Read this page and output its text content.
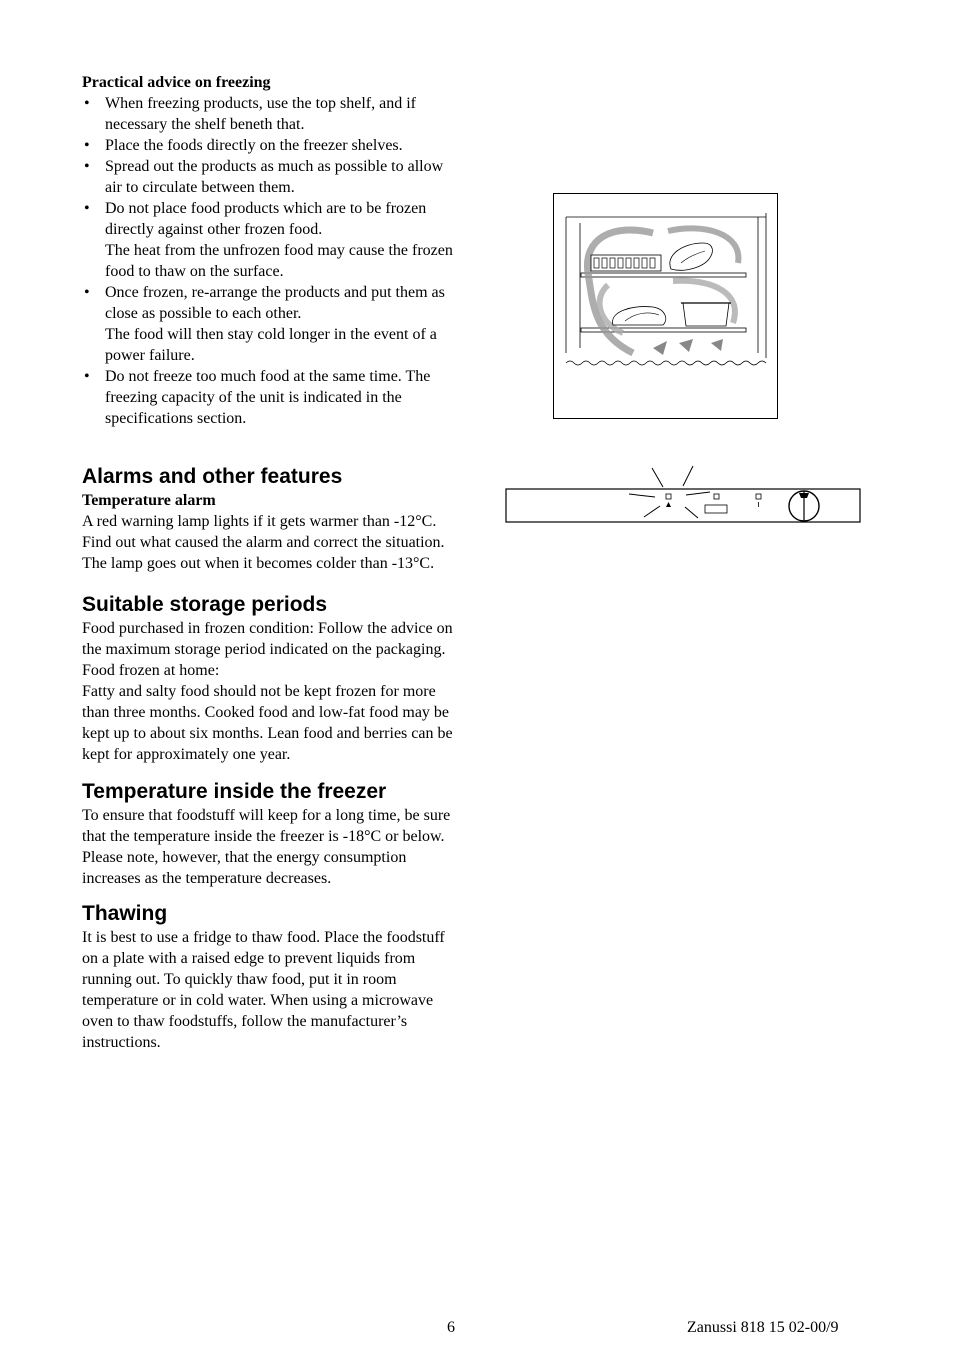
Practical advice on freezing
• When freezing products, use the top shelf, and if necessary the shelf beneth that.
• Place the foods directly on the freezer shelves.
• Spread out the products as much as possible to allow air to circulate between them.
• Do not place food products which are to be frozen directly against other frozen food.
The heat from the unfrozen food may cause the frozen food to thaw on the surface.
• Once frozen, re-arrange the products and put them as close as possible to each other.
The food will then stay cold longer in the event of a power failure.
• Do not freeze too much food at the same time. The freezing capacity of the unit is indicated in the specifications section.
Alarms and other features
Temperature alarm

A red warning lamp lights if it gets warmer than -12°C. Find out what caused the alarm and correct the situation. The lamp goes out when it becomes colder than -13°C.

Suitable storage periods

Food purchased in frozen condition: Follow the advice on the maximum storage period indicated on the packaging.

Food frozen at home:

Fatty and salty food should not be kept frozen for more than three months. Cooked food and low-fat food may be kept up to about six months. Lean food and berries can be kept for approximately one year.

Temperature inside the freezer

To ensure that foodstuff will keep for a long time, be sure that the temperature inside the freezer is -18°C or below. Please note, however, that the energy consumption increases as the temperature decreases.

Thawing

It is best to use a fridge to thaw food. Place the foodstuff on a plate with a raised edge to prevent liquids from running out. To quickly thaw food, put it in room temperature or in cold water. When using a microwave oven to thaw foodstuffs, follow the manufacturer’s instructions.

6	Zanussi 818 15 02-00/9
